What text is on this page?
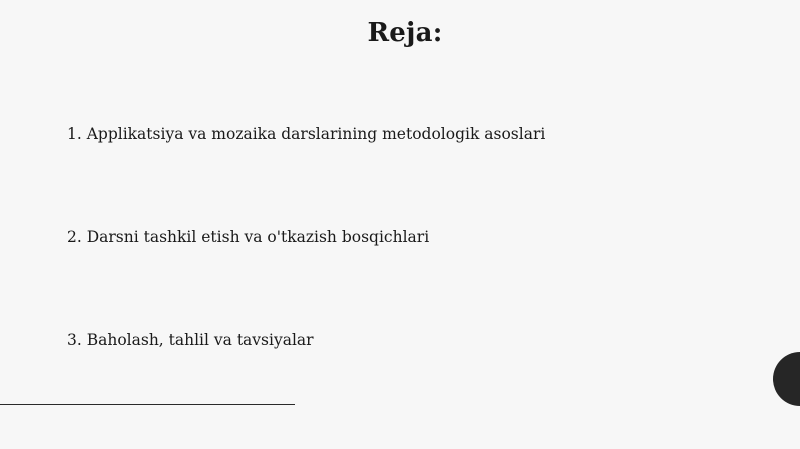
Reja:
1. Applikatsiya va mozaika darslarining metodologik asoslari
2. Darsni tashkil etish va o'tkazish bosqichlari
3. Baholash, tahlil va tavsiyalar
